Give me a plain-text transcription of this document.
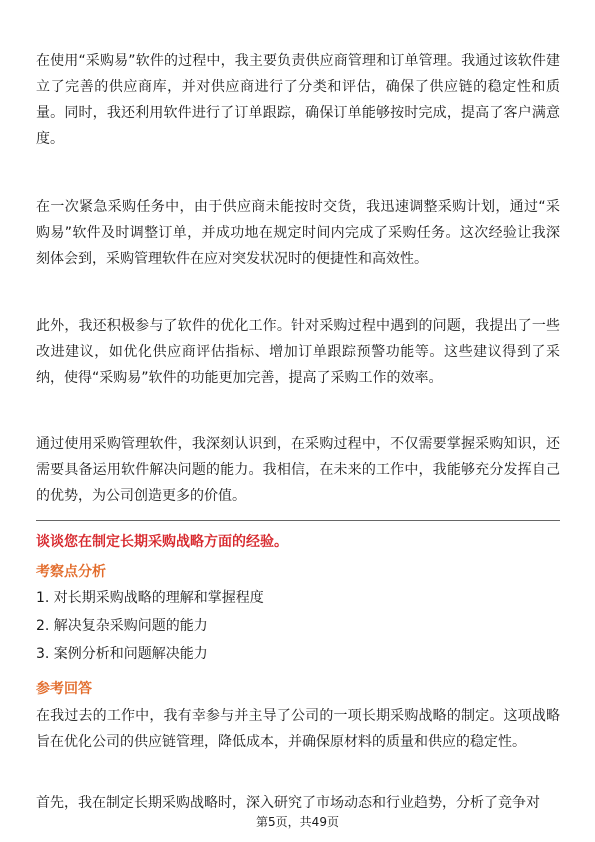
在使用“采购易”软件的过程中，我主要负责供应商管理和订单管理。我通过该软件建立了完善的供应商库，并对供应商进行了分类和评估，确保了供应链的稳定性和质量。同时，我还利用软件进行了订单跟踪，确保订单能够按时完成，提高了客户满意度。

在一次紧急采购任务中，由于供应商未能按时交货，我迅速调整采购计划，通过“采购易”软件及时调整订单，并成功地在规定时间内完成了采购任务。这次经验让我深刻体会到，采购管理软件在应对突发状况时的便捷性和高效性。

此外，我还积极参与了软件的优化工作。针对采购过程中遇到的问题，我提出了一些改进建议，如优化供应商评估指标、增加订单跟踪预警功能等。这些建议得到了采纳，使得“采购易”软件的功能更加完善，提高了采购工作的效率。

通过使用采购管理软件，我深刻认识到，在采购过程中，不仅需要掌握采购知识，还需要具备运用软件解决问题的能力。我相信，在未来的工作中，我能够充分发挥自己的优势，为公司创造更多的价值。

谈谈您在制定长期采购战略方面的经验。

考察点分析

1. 对长期采购战略的理解和掌握程度

2. 解决复杂采购问题的能力

3. 案例分析和问题解决能力

参考回答

在我过去的工作中，我有幸参与并主导了公司的一项长期采购战略的制定。这项战略旨在优化公司的供应链管理，降低成本，并确保原材料的质量和供应的稳定性。

首先，我在制定长期采购战略时，深入研究了市场动态和行业趋势，分析了竞争对

第5页，共49页
